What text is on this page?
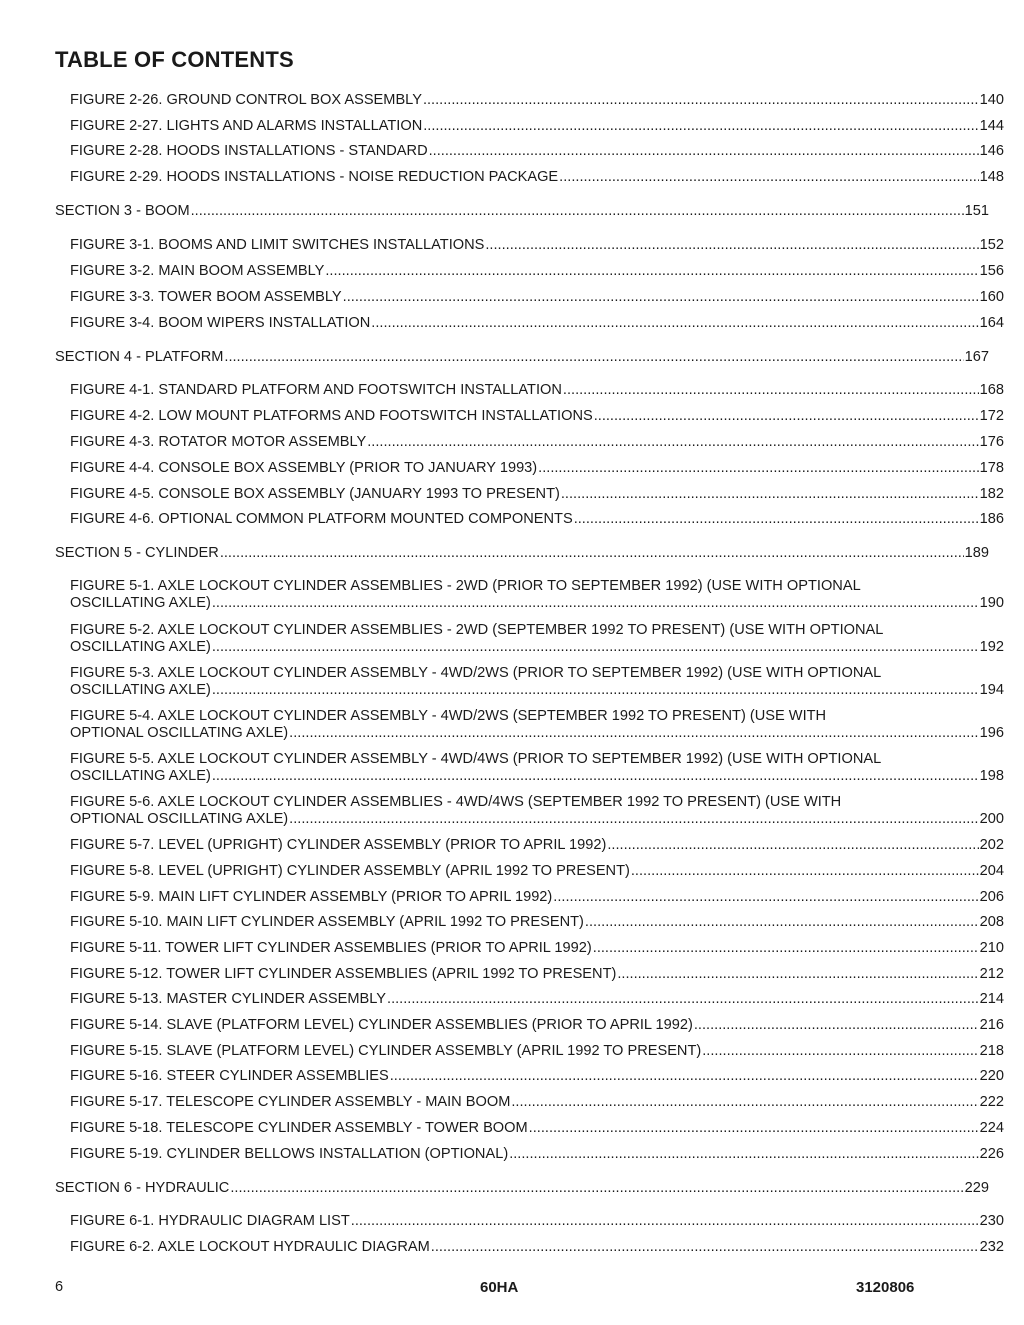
TABLE OF CONTENTS
FIGURE 2-26. GROUND CONTROL BOX ASSEMBLY .....	140
FIGURE 2-27. LIGHTS AND ALARMS INSTALLATION .....	144
FIGURE 2-28. HOODS INSTALLATIONS - STANDARD .....	146
FIGURE 2-29. HOODS INSTALLATIONS - NOISE REDUCTION PACKAGE .....	148
SECTION 3 - BOOM .....	151
FIGURE 3-1. BOOMS AND LIMIT SWITCHES INSTALLATIONS .....	152
FIGURE 3-2. MAIN BOOM ASSEMBLY .....	156
FIGURE 3-3. TOWER BOOM ASSEMBLY .....	160
FIGURE 3-4. BOOM WIPERS INSTALLATION .....	164
SECTION 4 - PLATFORM .....	167
FIGURE 4-1. STANDARD PLATFORM AND FOOTSWITCH INSTALLATION .....	168
FIGURE 4-2. LOW MOUNT PLATFORMS AND FOOTSWITCH INSTALLATIONS .....	172
FIGURE 4-3. ROTATOR MOTOR ASSEMBLY .....	176
FIGURE 4-4. CONSOLE BOX ASSEMBLY (PRIOR TO JANUARY 1993) .....	178
FIGURE 4-5. CONSOLE BOX ASSEMBLY (JANUARY 1993 TO PRESENT) .....	182
FIGURE 4-6. OPTIONAL COMMON PLATFORM MOUNTED COMPONENTS .....	186
SECTION 5 - CYLINDER .....	189
FIGURE 5-1. AXLE LOCKOUT CYLINDER ASSEMBLIES - 2WD (PRIOR TO SEPTEMBER 1992) (USE WITH OPTIONAL
OSCILLATING AXLE) .....	190
FIGURE 5-2. AXLE LOCKOUT CYLINDER ASSEMBLIES - 2WD (SEPTEMBER 1992 TO PRESENT) (USE WITH OPTIONAL
OSCILLATING AXLE) .....	192
FIGURE 5-3. AXLE LOCKOUT CYLINDER ASSEMBLY - 4WD/2WS (PRIOR TO SEPTEMBER 1992) (USE WITH OPTIONAL
OSCILLATING AXLE) .....	194
FIGURE 5-4. AXLE LOCKOUT CYLINDER ASSEMBLY - 4WD/2WS (SEPTEMBER 1992 TO PRESENT) (USE WITH
OPTIONAL OSCILLATING AXLE) .....	196
FIGURE 5-5. AXLE LOCKOUT CYLINDER ASSEMBLY - 4WD/4WS (PRIOR TO SEPTEMBER 1992) (USE WITH OPTIONAL
OSCILLATING AXLE) .....	198
FIGURE 5-6. AXLE LOCKOUT CYLINDER ASSEMBLIES - 4WD/4WS (SEPTEMBER 1992 TO PRESENT) (USE WITH
OPTIONAL OSCILLATING AXLE) .....	200
FIGURE 5-7. LEVEL (UPRIGHT) CYLINDER ASSEMBLY (PRIOR TO APRIL 1992) .....	202
FIGURE 5-8. LEVEL (UPRIGHT) CYLINDER ASSEMBLY (APRIL 1992 TO PRESENT) .....	204
FIGURE 5-9. MAIN LIFT CYLINDER ASSEMBLY (PRIOR TO APRIL 1992) .....	206
FIGURE 5-10. MAIN LIFT CYLINDER ASSEMBLY (APRIL 1992 TO PRESENT) .....	208
FIGURE 5-11. TOWER LIFT CYLINDER ASSEMBLIES (PRIOR TO APRIL 1992) .....	210
FIGURE 5-12. TOWER LIFT CYLINDER ASSEMBLIES (APRIL 1992 TO PRESENT) .....	212
FIGURE 5-13. MASTER CYLINDER ASSEMBLY .....	214
FIGURE 5-14. SLAVE (PLATFORM LEVEL) CYLINDER ASSEMBLIES (PRIOR TO APRIL 1992) .....	216
FIGURE 5-15. SLAVE (PLATFORM LEVEL) CYLINDER ASSEMBLY (APRIL 1992 TO PRESENT) .....	218
FIGURE 5-16. STEER CYLINDER ASSEMBLIES .....	220
FIGURE 5-17. TELESCOPE CYLINDER ASSEMBLY - MAIN BOOM .....	222
FIGURE 5-18. TELESCOPE CYLINDER ASSEMBLY - TOWER BOOM .....	224
FIGURE 5-19. CYLINDER BELLOWS INSTALLATION (OPTIONAL) .....	226
SECTION 6 - HYDRAULIC .....	229
FIGURE 6-1. HYDRAULIC DIAGRAM LIST .....	230
FIGURE 6-2. AXLE LOCKOUT HYDRAULIC DIAGRAM .....	232
6	60HA	3120806
